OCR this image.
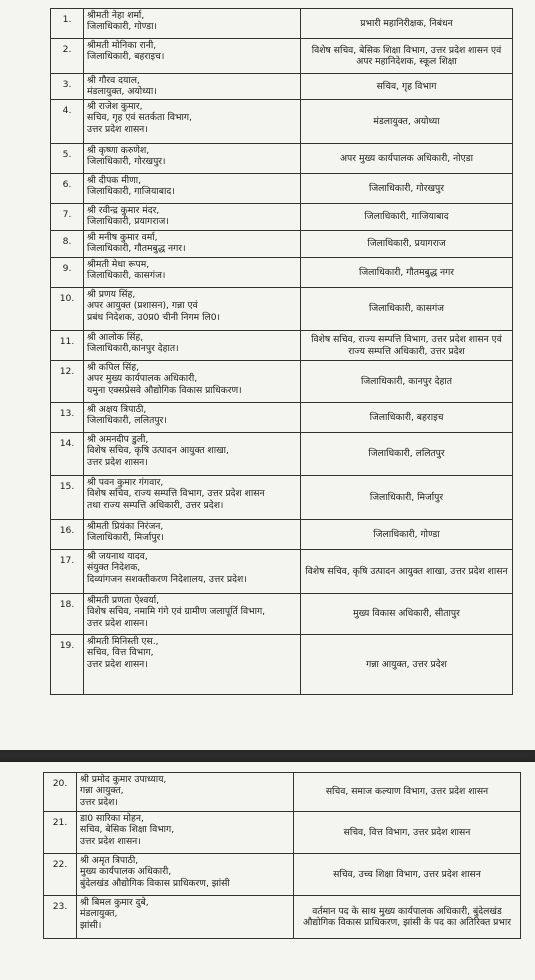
1.	श्रीमती नेहा शर्मा,
जिलाधिकारी, गोण्डा।	प्रभारी महानिरीक्षक, निबंधन
2.	श्रीमती मोनिका रानी,
जिलाधिकारी, बहराइच।	विशेष सचिव, बेसिक शिक्षा विभाग, उत्तर प्रदेश शासन एवं अपर महानिदेशक, स्कूल शिक्षा
3.	श्री गौरव दयाल,
मंडलायुक्त, अयोध्या।	सचिव, गृह विभाग
4.	श्री राजेश कुमार,
सचिव, गृह एवं सतर्कता विभाग,
उत्तर प्रदेश शासन।	मंडलायुक्त, अयोध्या
5.	श्री कृष्णा करुणेश,
जिलाधिकारी, गोरखपुर।	अपर मुख्य कार्यपालक अधिकारी, नोएडा
6.	श्री दीपक मीणा,
जिलाधिकारी, गाजियाबाद।	जिलाधिकारी, गोरखपुर
7.	श्री रवीन्द्र कुमार मंदर,
जिलाधिकारी, प्रयागराज।	जिलाधिकारी, गाजियाबाद
8.	श्री मनीष कुमार वर्मा,
जिलाधिकारी, गौतमबुद्ध नगर।	जिलाधिकारी, प्रयागराज
9.	श्रीमती मेधा रूपम,
जिलाधिकारी, कासगंज।	जिलाधिकारी, गौतमबुद्ध नगर
10.	श्री प्रणय सिंह,
अपर आयुक्त (प्रशासन), गन्ना एवं
प्रबंध निदेशक, उ0प्र0 चीनी निगम लि0।	जिलाधिकारी, कासगंज
11.	श्री आलोक सिंह,
जिलाधिकारी,कानपुर देहात।	विशेष सचिव, राज्य सम्पत्ति विभाग, उत्तर प्रदेश शासन एवं राज्य सम्पत्ति अधिकारी, उत्तर प्रदेश
12.	श्री कपिल सिंह,
अपर मुख्य कार्यपालक अधिकारी,
यमुना एक्सप्रेसवे औद्योगिक विकास प्राधिकरण।	जिलाधिकारी, कानपुर देहात
13.	श्री अक्षय त्रिपाठी,
जिलाधिकारी, ललितपुर।	जिलाधिकारी, बहराइच
14.	श्री अमनदीप डुली,
विशेष सचिव, कृषि उत्पादन आयुक्त शाखा,
उत्तर प्रदेश शासन।	जिलाधिकारी, ललितपुर
15.	श्री पवन कुमार गंगवार,
विशेष सचिव, राज्य सम्पत्ति विभाग, उत्तर प्रदेश शासन
तथा राज्य सम्पत्ति अधिकारी, उत्तर प्रदेश।	जिलाधिकारी, मिर्जापुर
16.	श्रीमती प्रियंका निरंजन,
जिलाधिकारी, मिर्जापुर।	जिलाधिकारी, गोण्डा
17.	श्री जयनाथ यादव,
संयुक्त निदेशक,
दिव्यांगजन सशक्तीकरण निदेशालय, उत्तर प्रदेश।	विशेष सचिव, कृषि उत्पादन आयुक्त शाखा, उत्तर प्रदेश शासन
18.	श्रीमती प्रणता ऐश्वर्या,
विशेष सचिव, नमामि गंगे एवं ग्रामीण जलापूर्ति विभाग,
उत्तर प्रदेश शासन।	मुख्य विकास अधिकारी, सीतापुर
19.	श्रीमती मिनिस्ती एस.,
सचिव, वित्त विभाग,
उत्तर प्रदेश शासन।	गन्ना आयुक्त, उत्तर प्रदेश
20.	श्री प्रमोद कुमार उपाध्याय,
गन्ना आयुक्त,
उत्तर प्रदेश।	सचिव, समाज कल्याण विभाग, उत्तर प्रदेश शासन
21.	डा0 सारिका मोहन,
सचिव, बेसिक शिक्षा विभाग,
उत्तर प्रदेश शासन।	सचिव, वित्त विभाग, उत्तर प्रदेश शासन
22.	श्री अमृत त्रिपाठी,
मुख्य कार्यपालक अधिकारी,
बुंदेलखंड औद्योगिक विकास प्राधिकरण, झांसी	सचिव, उच्च शिक्षा विभाग, उत्तर प्रदेश शासन
23.	श्री बिमल कुमार दुबे,
मंडलायुक्त,
झांसी।	वर्तमान पद के साथ मुख्य कार्यपालक अधिकारी, बुंदेलखंड औद्योगिक विकास प्राधिकरण, झांसी के पद का अतिरिक्त प्रभार
